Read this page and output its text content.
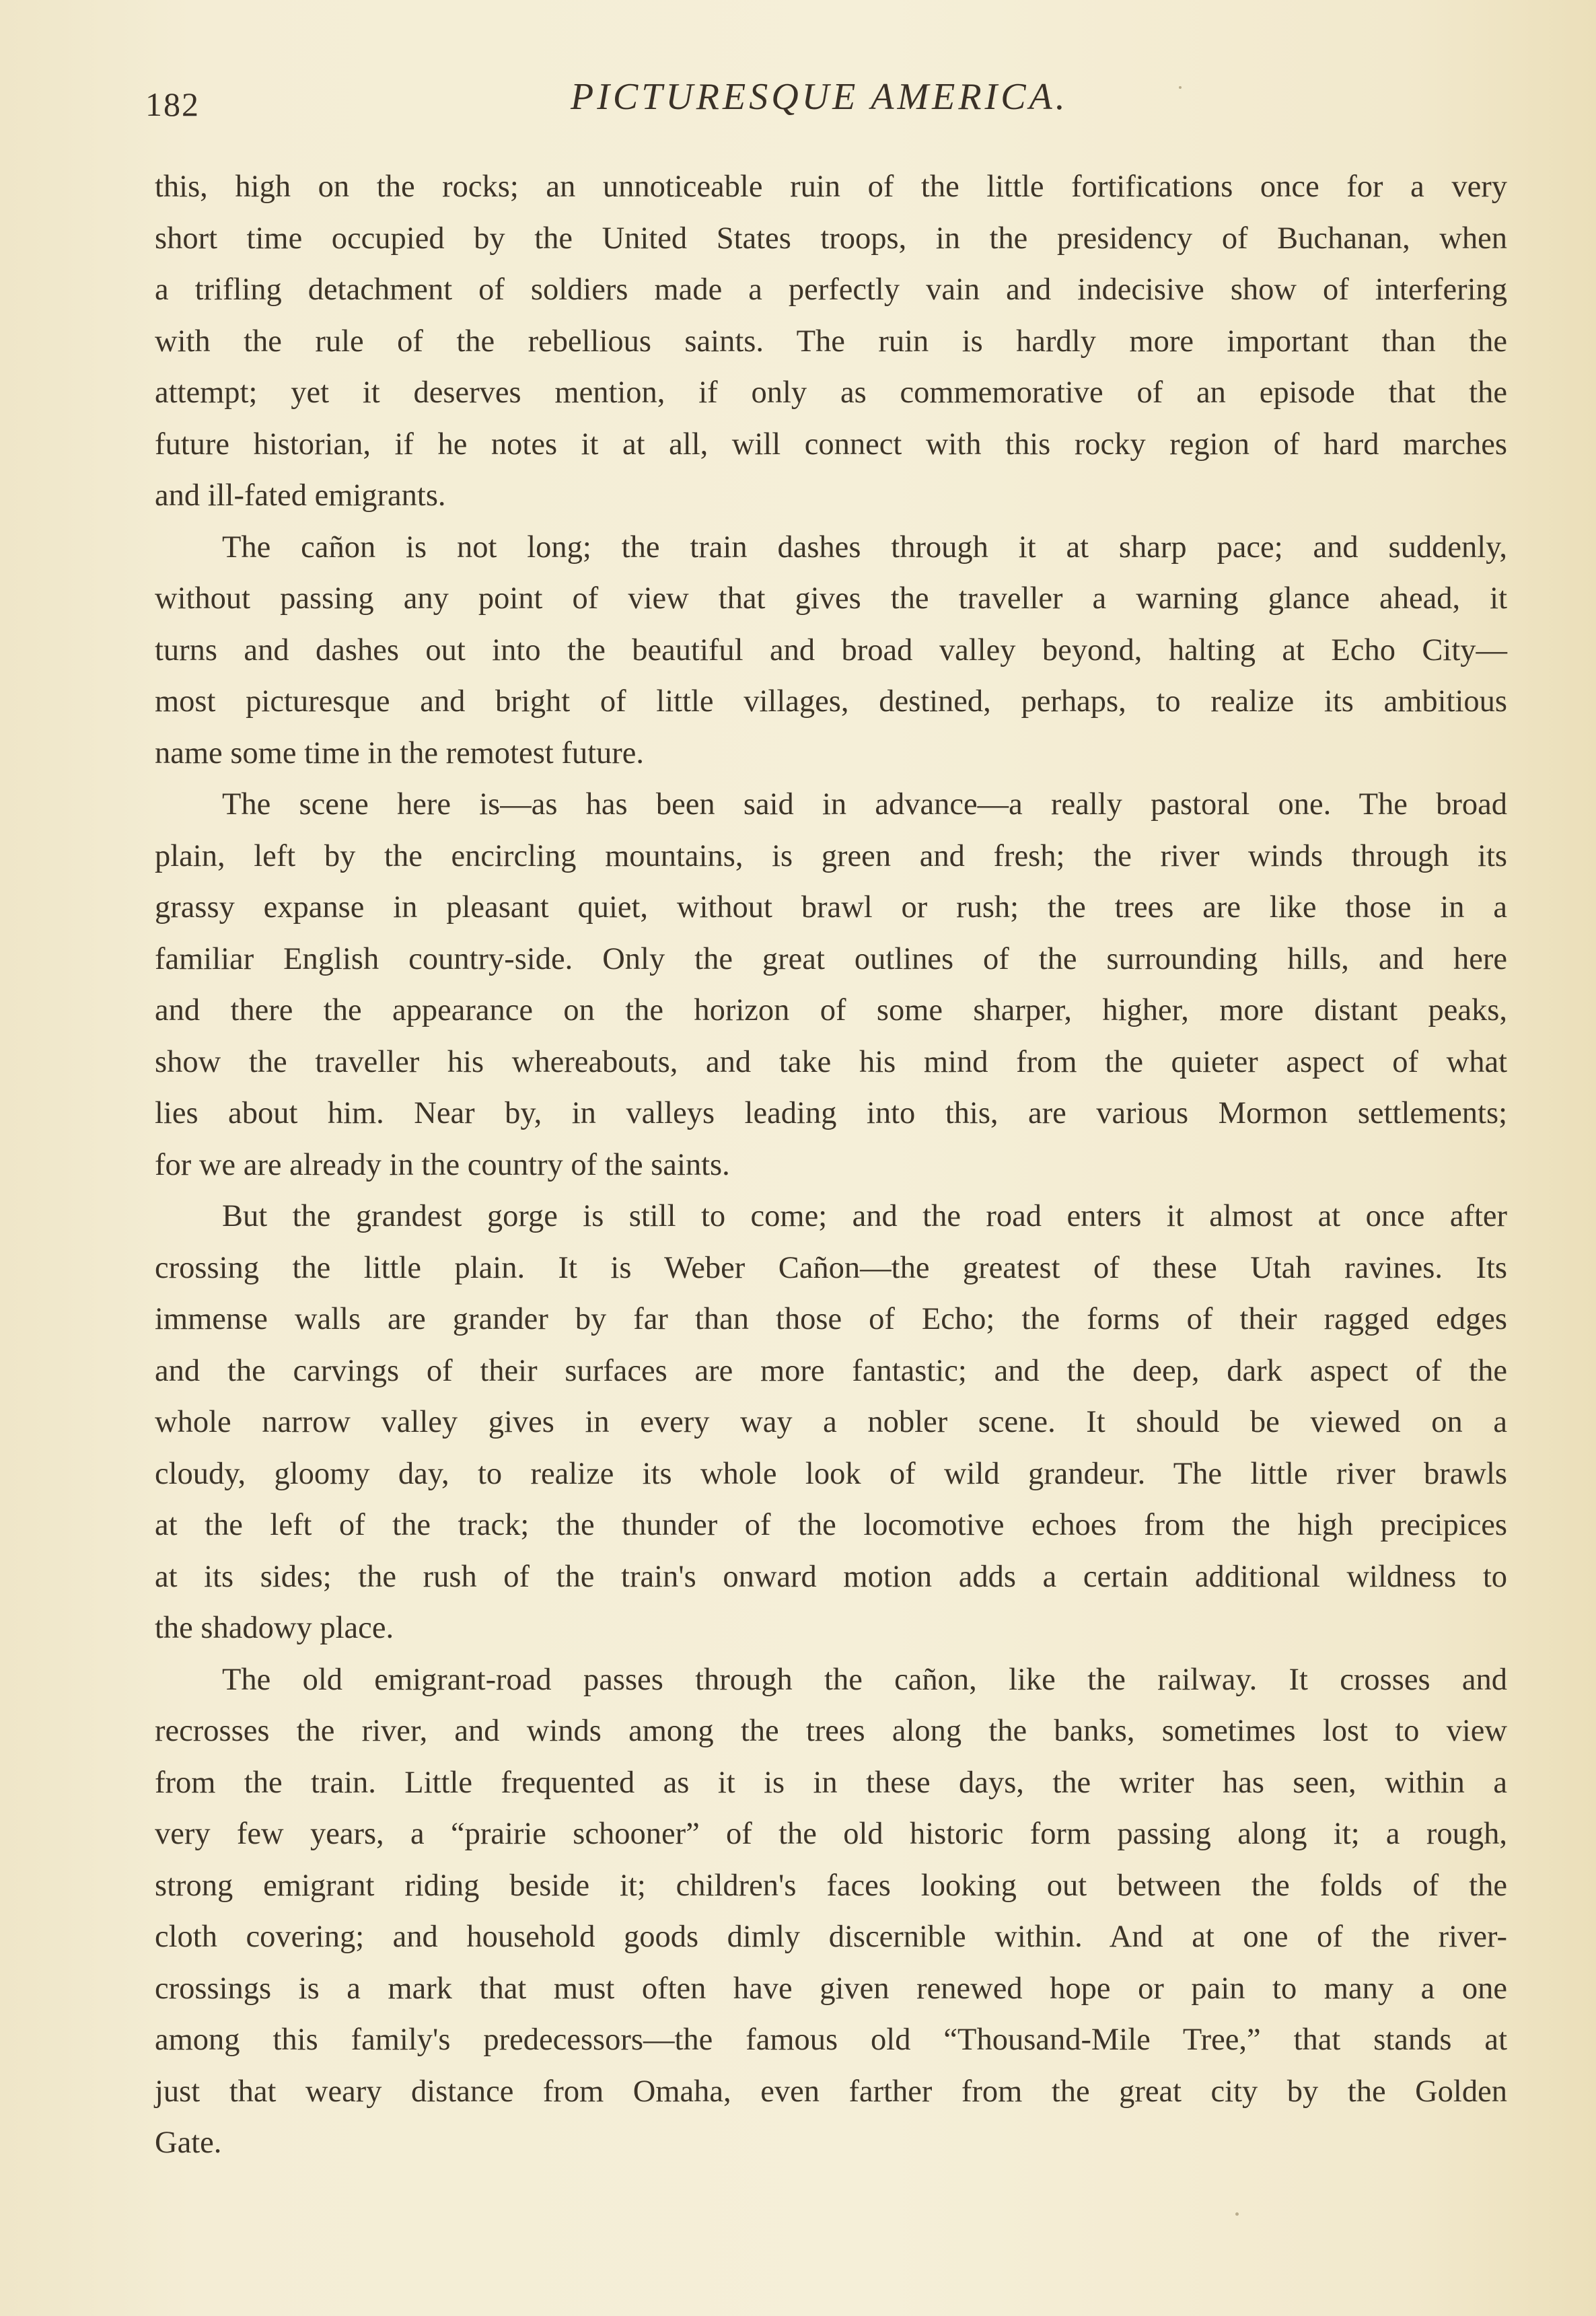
182	PICTURESQUE AMERICA.

this, high on the rocks; an unnoticeable ruin of the little fortifications once for a very

short time occupied by the United States troops, in the presidency of Buchanan, when

a trifling detachment of soldiers made a perfectly vain and indecisive show of interfering

with the rule of the rebellious saints. The ruin is hardly more important than the

attempt; yet it deserves mention, if only as commemorative of an episode that the

future historian, if he notes it at all, will connect with this rocky region of hard marches

and ill-fated emigrants.

The cañon is not long; the train dashes through it at sharp pace; and suddenly,

without passing any point of view that gives the traveller a warning glance ahead, it

turns and dashes out into the beautiful and broad valley beyond, halting at Echo City—

most picturesque and bright of little villages, destined, perhaps, to realize its ambitious

name some time in the remotest future.

The scene here is—as has been said in advance—a really pastoral one. The broad

plain, left by the encircling mountains, is green and fresh; the river winds through its

grassy expanse in pleasant quiet, without brawl or rush; the trees are like those in a

familiar English country-side. Only the great outlines of the surrounding hills, and here

and there the appearance on the horizon of some sharper, higher, more distant peaks,

show the traveller his whereabouts, and take his mind from the quieter aspect of what

lies about him. Near by, in valleys leading into this, are various Mormon settlements;

for we are already in the country of the saints.

But the grandest gorge is still to come; and the road enters it almost at once after

crossing the little plain. It is Weber Cañon—the greatest of these Utah ravines. Its

immense walls are grander by far than those of Echo; the forms of their ragged edges

and the carvings of their surfaces are more fantastic; and the deep, dark aspect of the

whole narrow valley gives in every way a nobler scene. It should be viewed on a

cloudy, gloomy day, to realize its whole look of wild grandeur. The little river brawls

at the left of the track; the thunder of the locomotive echoes from the high precipices

at its sides; the rush of the train's onward motion adds a certain additional wildness to

the shadowy place.

The old emigrant-road passes through the cañon, like the railway. It crosses and

recrosses the river, and winds among the trees along the banks, sometimes lost to view

from the train. Little frequented as it is in these days, the writer has seen, within a

very few years, a “prairie schooner” of the old historic form passing along it; a rough,

strong emigrant riding beside it; children's faces looking out between the folds of the

cloth covering; and household goods dimly discernible within. And at one of the river-

crossings is a mark that must often have given renewed hope or pain to many a one

among this family's predecessors—the famous old “Thousand-Mile Tree,” that stands at

just that weary distance from Omaha, even farther from the great city by the Golden

Gate.
